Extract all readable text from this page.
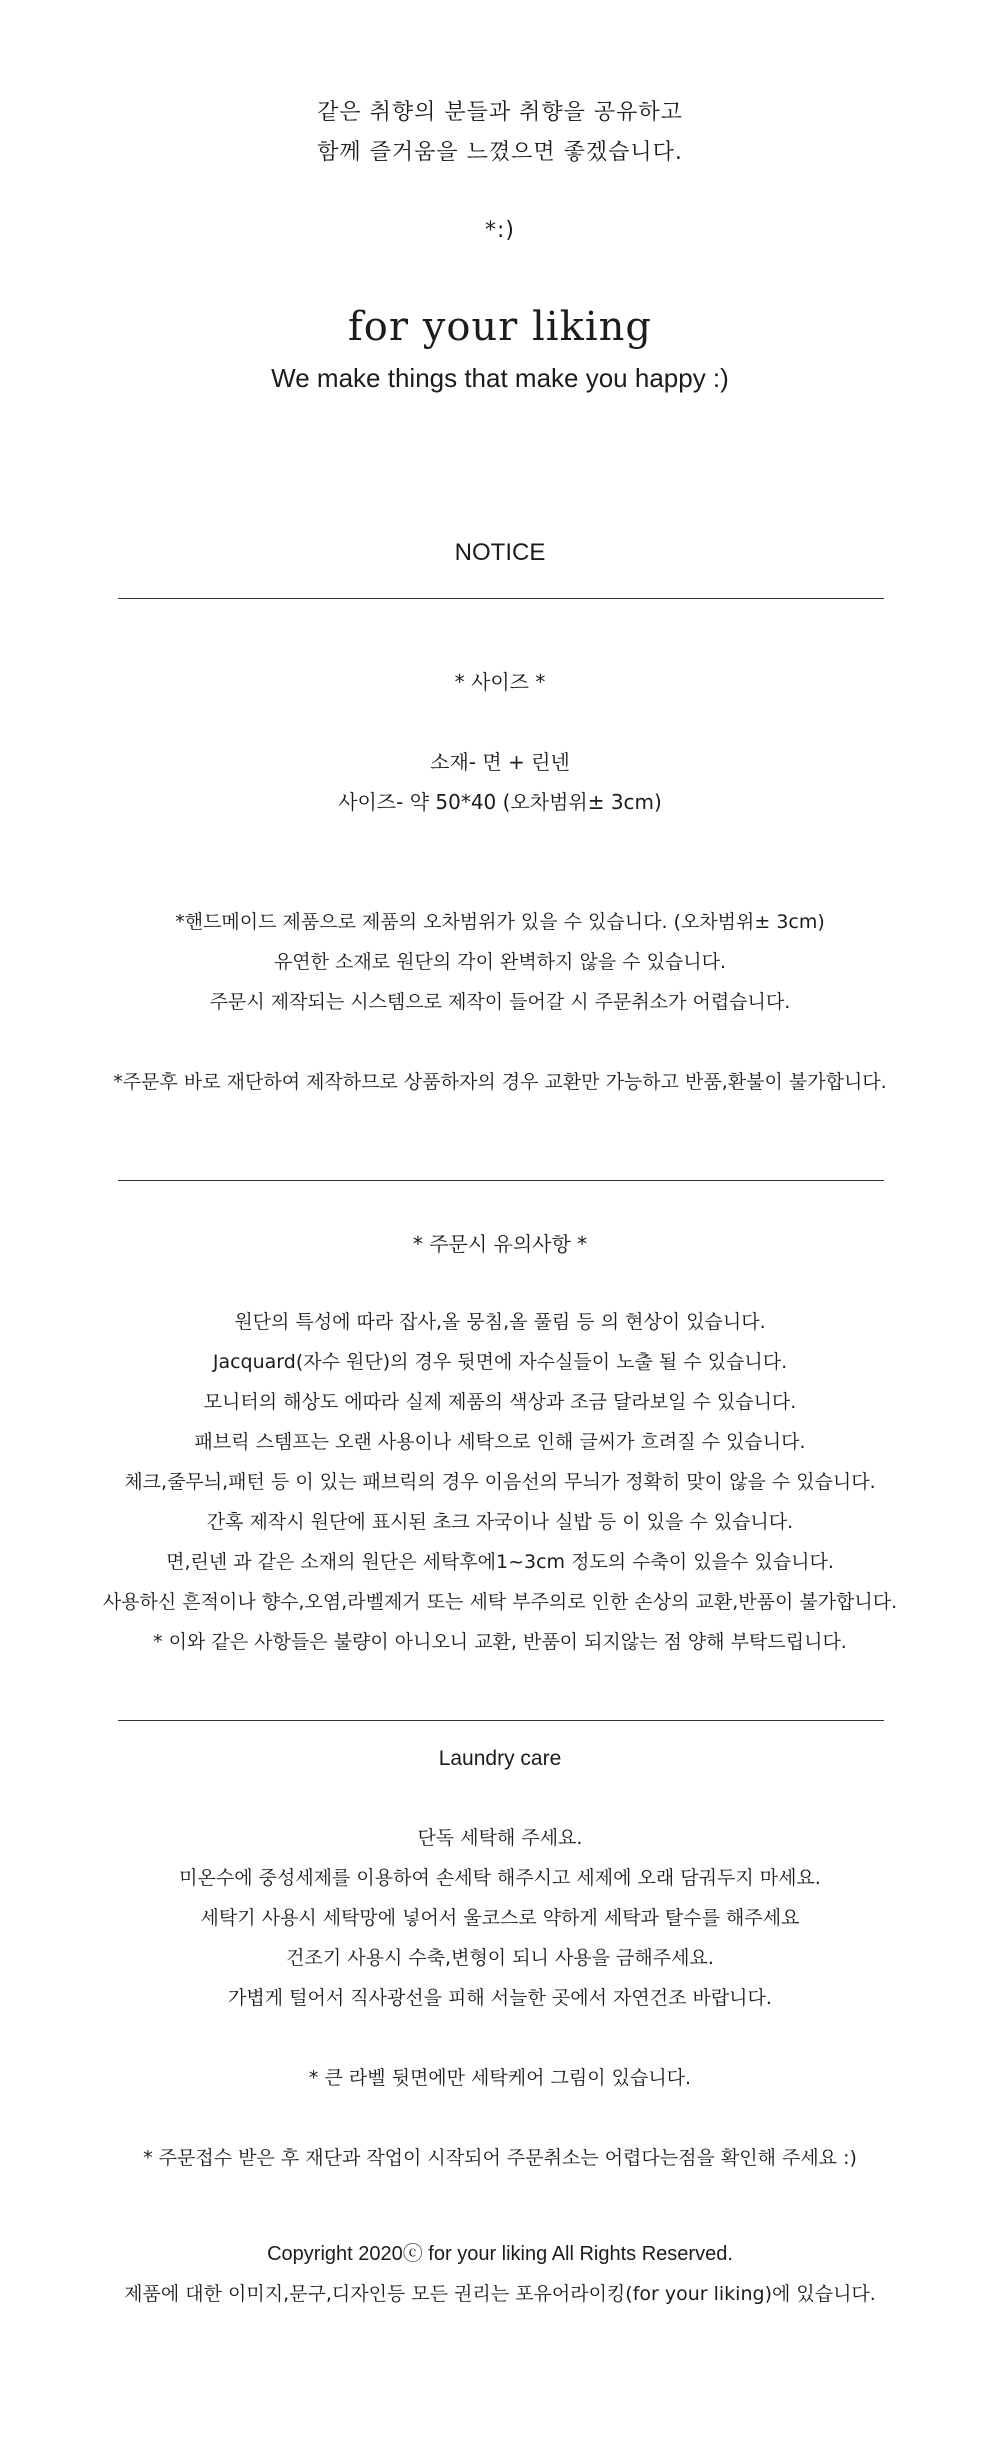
같은 취향의 분들과 취향을 공유하고
함께 즐거움을 느꼈으면 좋겠습니다.
*:)
for your liking
We make things that make you happy :)
NOTICE
* 사이즈 *
소재- 면 + 린넨
사이즈- 약 50*40 (오차범위± 3cm)
*핸드메이드 제품으로 제품의 오차범위가 있을 수 있습니다. (오차범위± 3cm)
유연한 소재로 원단의 각이 완벽하지 않을 수 있습니다.
주문시 제작되는 시스템으로 제작이 들어갈 시 주문취소가 어렵습니다.
*주문후 바로 재단하여 제작하므로 상품하자의 경우 교환만 가능하고 반품,환불이 불가합니다.
* 주문시 유의사항 *
원단의 특성에 따라 잡사,올 뭉침,올 풀림 등 의 현상이 있습니다.
Jacquard(자수 원단)의 경우 뒷면에 자수실들이 노출 될 수 있습니다.
모니터의 해상도 에따라 실제 제품의 색상과 조금 달라보일 수 있습니다.
패브릭 스템프는 오랜 사용이나 세탁으로 인해 글씨가 흐려질 수 있습니다.
체크,줄무늬,패턴 등 이 있는 패브릭의 경우 이음선의 무늬가 정확히 맞이 않을 수 있습니다.
간혹 제작시 원단에 표시된 초크 자국이나 실밥 등 이 있을 수 있습니다.
면,린넨 과 같은 소재의 원단은 세탁후에1~3cm 정도의 수축이 있을수 있습니다.
사용하신 흔적이나 향수,오염,라벨제거 또는 세탁 부주의로 인한 손상의 교환,반품이 불가합니다.
* 이와 같은 사항들은 불량이 아니오니 교환, 반품이 되지않는 점 양해 부탁드립니다.
Laundry care
단독 세탁해 주세요.
미온수에 중성세제를 이용하여 손세탁 해주시고 세제에 오래 담궈두지 마세요.
세탁기 사용시 세탁망에 넣어서 울코스로 약하게 세탁과 탈수를 해주세요
건조기 사용시 수축,변형이 되니 사용을 금해주세요.
가볍게 털어서 직사광선을 피해 서늘한 곳에서 자연건조 바랍니다.
* 큰 라벨 뒷면에만 세탁케어 그림이 있습니다.
* 주문접수 받은 후 재단과 작업이 시작되어 주문취소는 어렵다는점을 확인해 주세요 :)
Copyright 2020ⓒ for your liking All Rights Reserved.
제품에 대한 이미지,문구,디자인등 모든 권리는 포유어라이킹(for your liking)에 있습니다.
